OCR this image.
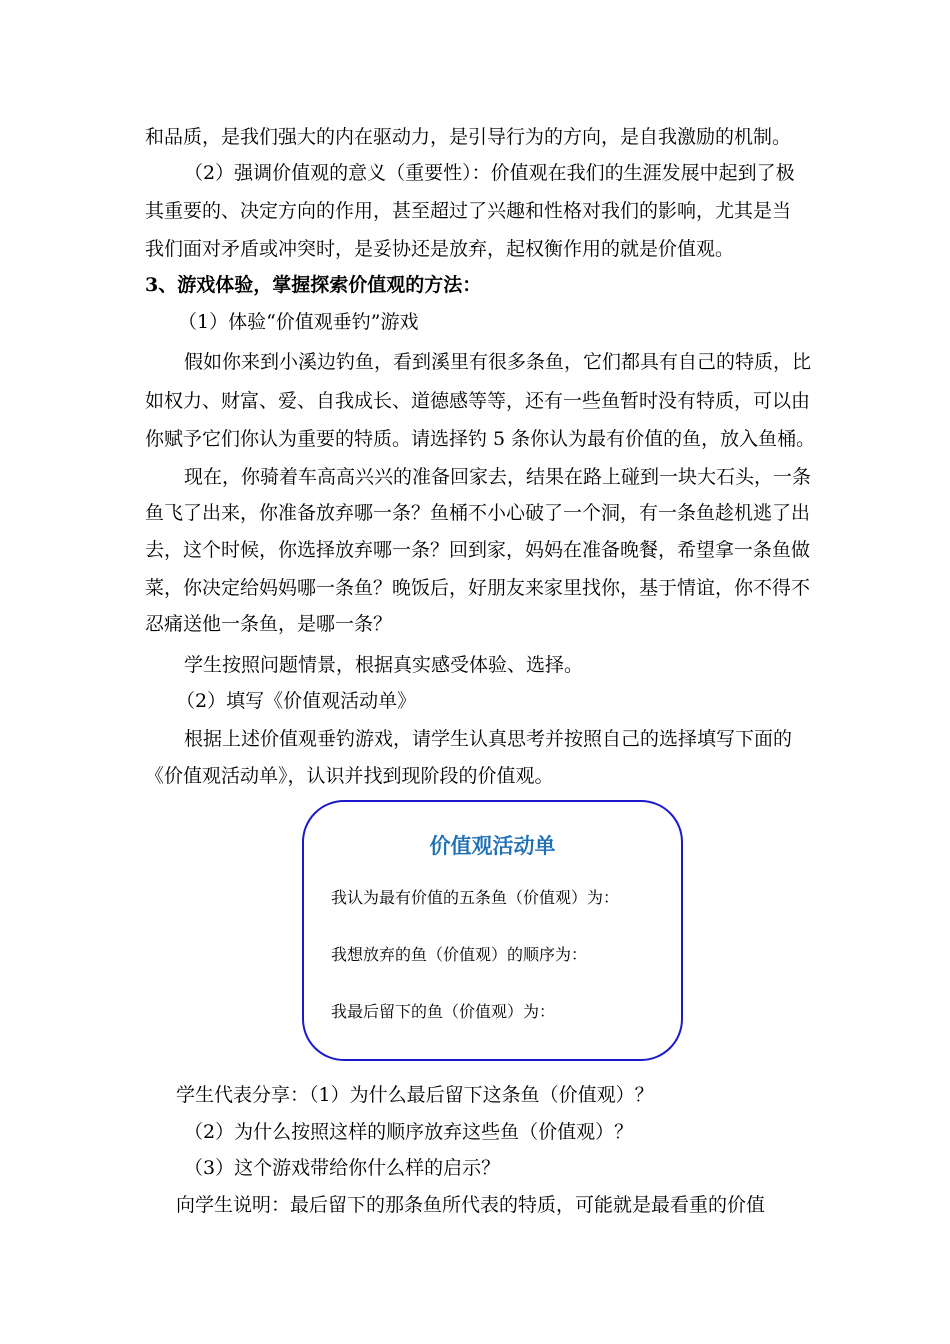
和品质，是我们强大的内在驱动力，是引导行为的方向，是自我激励的机制。
（2）强调价值观的意义（重要性）：价值观在我们的生涯发展中起到了极
其重要的、决定方向的作用，甚至超过了兴趣和性格对我们的影响，尤其是当
我们面对矛盾或冲突时，是妥协还是放弃，起权衡作用的就是价值观。
3、游戏体验，掌握探索价值观的方法：
（1）体验“价值观垂钓”游戏
假如你来到小溪边钓鱼，看到溪里有很多条鱼，它们都具有自己的特质，比
如权力、财富、爱、自我成长、道德感等等，还有一些鱼暂时没有特质，可以由
你赋予它们你认为重要的特质。请选择钓 5 条你认为最有价值的鱼，放入鱼桶。
现在，你骑着车高高兴兴的准备回家去，结果在路上碰到一块大石头，一条
鱼飞了出来，你准备放弃哪一条？鱼桶不小心破了一个洞，有一条鱼趁机逃了出
去，这个时候，你选择放弃哪一条？回到家，妈妈在准备晚餐，希望拿一条鱼做
菜，你决定给妈妈哪一条鱼？晚饭后，好朋友来家里找你，基于情谊，你不得不
忍痛送他一条鱼，是哪一条？
学生按照问题情景，根据真实感受体验、选择。
（2）填写《价值观活动单》
根据上述价值观垂钓游戏，请学生认真思考并按照自己的选择填写下面的
《价值观活动单》，认识并找到现阶段的价值观。
价值观活动单
我认为最有价值的五条鱼（价值观）为：
我想放弃的鱼（价值观）的顺序为：
我最后留下的鱼（价值观）为：
学生代表分享：（1）为什么最后留下这条鱼（价值观）？
（2）为什么按照这样的顺序放弃这些鱼（价值观）？
（3）这个游戏带给你什么样的启示？
向学生说明：最后留下的那条鱼所代表的特质，可能就是最看重的价值
